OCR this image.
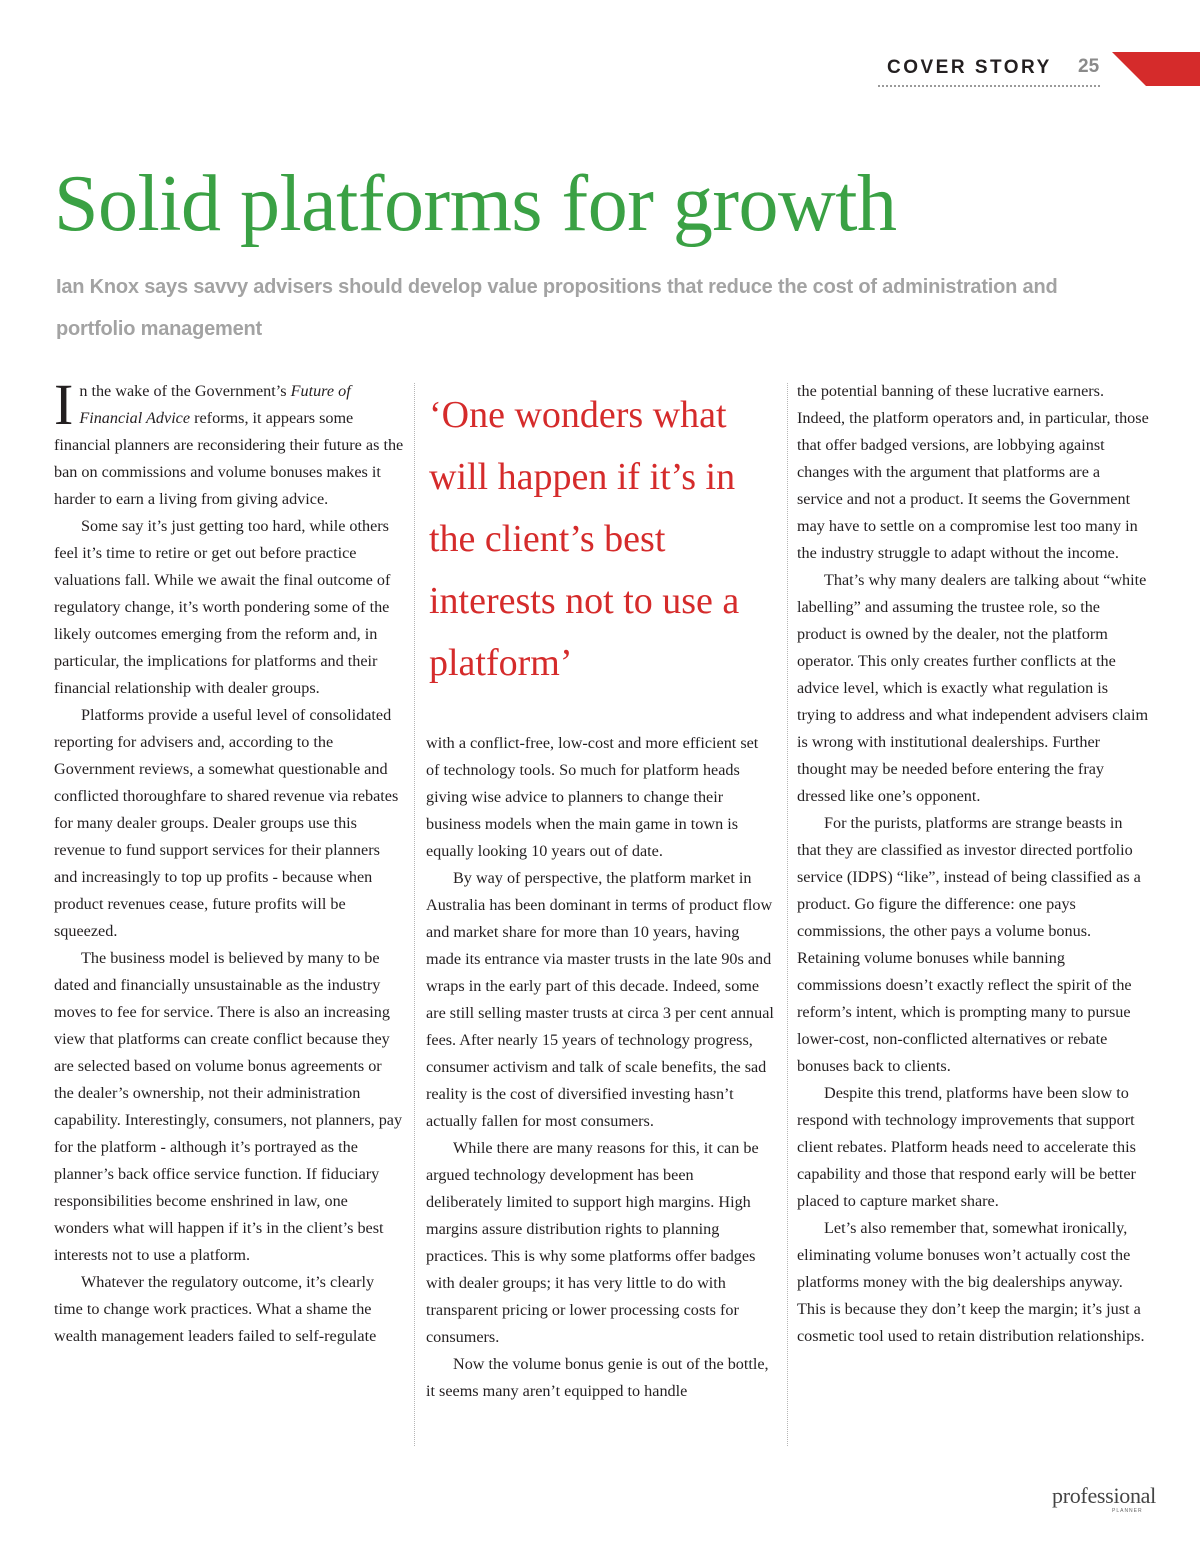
COVER STORY 25
Solid platforms for growth

Ian Knox says savvy advisers should develop value propositions that reduce the cost of administration and portfolio management

In the wake of the Government’s Future of Financial Advice reforms, it appears some financial planners are reconsidering their future as the ban on commissions and volume bonuses makes it harder to earn a living from giving advice.

Some say it’s just getting too hard, while others feel it’s time to retire or get out before practice valuations fall. While we await the final outcome of regulatory change, it’s worth pondering some of the likely outcomes emerging from the reform and, in particular, the implications for platforms and their financial relationship with dealer groups.

Platforms provide a useful level of consolidated reporting for advisers and, according to the Government reviews, a somewhat questionable and conflicted thoroughfare to shared revenue via rebates for many dealer groups. Dealer groups use this revenue to fund support services for their planners and increasingly to top up profits - because when product revenues cease, future profits will be squeezed.

The business model is believed by many to be dated and financially unsustainable as the industry moves to fee for service. There is also an increasing view that platforms can create conflict because they are selected based on volume bonus agreements or the dealer’s ownership, not their administration capability. Interestingly, consumers, not planners, pay for the platform - although it’s portrayed as the planner’s back office service function. If fiduciary responsibilities become enshrined in law, one wonders what will happen if it’s in the client’s best interests not to use a platform.

Whatever the regulatory outcome, it’s clearly time to change work practices. What a shame the wealth management leaders failed to self-regulate

‘One wonders what will happen if it’s in the client’s best interests not to use a platform’

with a conflict-free, low-cost and more efficient set of technology tools. So much for platform heads giving wise advice to planners to change their business models when the main game in town is equally looking 10 years out of date.

By way of perspective, the platform market in Australia has been dominant in terms of product flow and market share for more than 10 years, having made its entrance via master trusts in the late 90s and wraps in the early part of this decade. Indeed, some are still selling master trusts at circa 3 per cent annual fees. After nearly 15 years of technology progress, consumer activism and talk of scale benefits, the sad reality is the cost of diversified investing hasn’t actually fallen for most consumers.

While there are many reasons for this, it can be argued technology development has been deliberately limited to support high margins. High margins assure distribution rights to planning practices. This is why some platforms offer badges with dealer groups; it has very little to do with transparent pricing or lower processing costs for consumers.

Now the volume bonus genie is out of the bottle, it seems many aren’t equipped to handle

the potential banning of these lucrative earners. Indeed, the platform operators and, in particular, those that offer badged versions, are lobbying against changes with the argument that platforms are a service and not a product. It seems the Government may have to settle on a compromise lest too many in the industry struggle to adapt without the income.

That’s why many dealers are talking about “white labelling” and assuming the trustee role, so the product is owned by the dealer, not the platform operator. This only creates further conflicts at the advice level, which is exactly what regulation is trying to address and what independent advisers claim is wrong with institutional dealerships. Further thought may be needed before entering the fray dressed like one’s opponent.

For the purists, platforms are strange beasts in that they are classified as investor directed portfolio service (IDPS) “like”, instead of being classified as a product. Go figure the difference: one pays commissions, the other pays a volume bonus. Retaining volume bonuses while banning commissions doesn’t exactly reflect the spirit of the reform’s intent, which is prompting many to pursue lower-cost, non-conflicted alternatives or rebate bonuses back to clients.

Despite this trend, platforms have been slow to respond with technology improvements that support client rebates. Platform heads need to accelerate this capability and those that respond early will be better placed to capture market share.

Let’s also remember that, somewhat ironically, eliminating volume bonuses won’t actually cost the platforms money with the big dealerships anyway. This is because they don’t keep the margin; it’s just a cosmetic tool used to retain distribution relationships.

professional
PLANNER
